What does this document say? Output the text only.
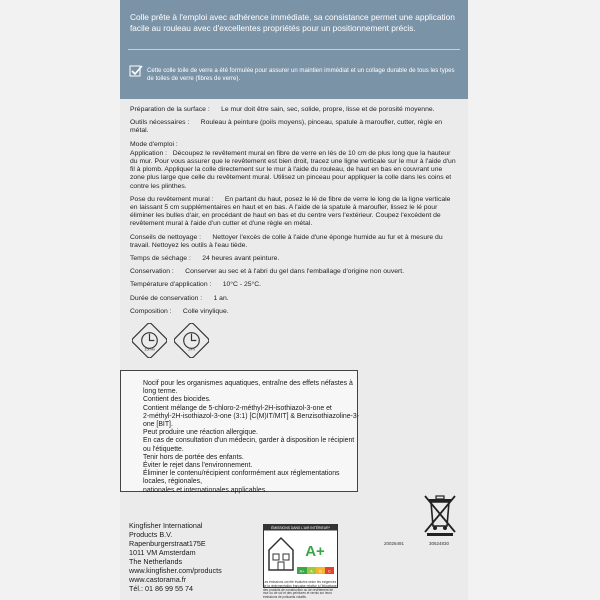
Colle prête à l'emploi avec adhérence immédiate, sa consistance permet une application facile au rouleau avec d'excellentes propriétés pour un positionnement précis.
Cette colle toile de verre a été formulée pour assurer un maintien immédiat et un collage durable de tous les types de toiles de verre (fibres de verre).

Préparation de la surface : Le mur doit être sain, sec, solide, propre, lisse et de porosité moyenne.

Outils nécessaires : Rouleau à peinture (poils moyens), pinceau, spatule à maroufler, cutter, règle en métal.

Mode d'emploi :

Application : Découpez le revêtement mural en fibre de verre en lés de 10 cm de plus long que la hauteur du mur. Pour vous assurer que le revêtement est bien droit, tracez une ligne verticale sur le mur à l'aide d'un fil à plomb. Appliquer la colle directement sur le mur à l'aide du rouleau, de haut en bas en couvrant une zone plus large que celle du revêtement mural. Utilisez un pinceau pour appliquer la colle dans les coins et contre les plinthes.

Pose du revêtement mural : En partant du haut, posez le lé de fibre de verre le long de la ligne verticale en laissant 5 cm supplémentaires en haut et en bas. A l'aide de la spatule à maroufler, lissez le lé pour éliminer les bulles d'air, en procédant de haut en bas et du centre vers l'extérieur. Coupez l'excédent de revêtement mural à l'aide d'un cutter et d'une règle en métal.

Conseils de nettoyage : Nettoyer l'excès de colle à l'aide d'une éponge humide au fur et à mesure du travail. Nettoyez les outils à l'eau tiède.

Temps de séchage : 24 heures avant peinture.

Conservation : Conserver au sec et à l'abri du gel dans l'emballage d'origine non ouvert.

Température d'application : 10°C - 25°C.

Durée de conservation : 1 an.

Composition : Colle vinylique.

15min	24h

Nocif pour les organismes aquatiques, entraîne des effets néfastes à long terme.

Contient des biocides.

Contient mélange de 5-chloro-2-méthyl-2H-isothiazol-3-one et

2-méthyl-2H-isothiazol-3-one (3:1) [C(M)IT/MIT] & Benzisothiazoline-3-one [BIT].

Peut produire une réaction allergique.

En cas de consultation d'un médecin, garder à disposition le récipient ou l'étiquette.

Tenir hors de portée des enfants.

Éviter le rejet dans l'environnement.

Éliminer le contenu/récipient conformément aux réglementations locales, régionales,

nationales et internationales applicables.

Kingfisher International
Products B.V.
Rapenburgerstraat175E
1011 VM Amsterdam
The Netherlands
www.kingfisher.com/products
www.castorama.fr
Tél.: 01 86 99 55 74
ÉMISSIONS DANS L'AIR INTÉRIEUR*
A+
A+ A B C
Les émissions ont été évaluées selon les exigences de la réglementation française relative à l'étiquetage des produits de construction ou de revêtement de mur ou de sol et des peintures et vernis sur leurs émissions de polluants volatils.
20026491	30624830
